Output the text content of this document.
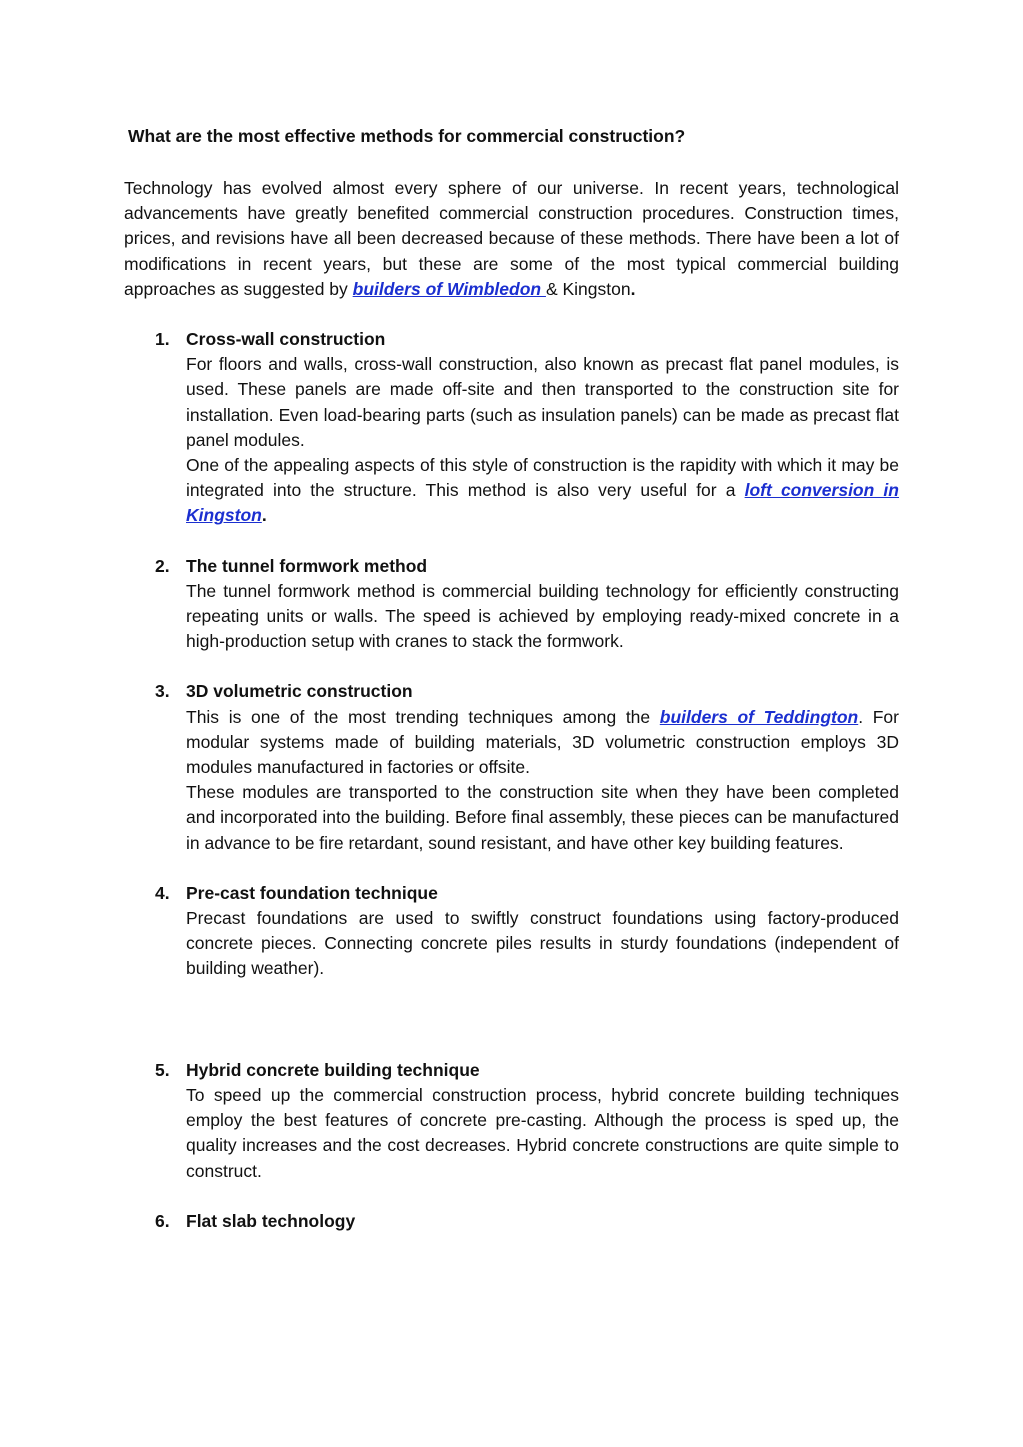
What are the most effective methods for commercial construction?

Technology has evolved almost every sphere of our universe. In recent years, technological advancements have greatly benefited commercial construction procedures. Construction times, prices, and revisions have all been decreased because of these methods. There have been a lot of modifications in recent years, but these are some of the most typical commercial building approaches as suggested by builders of Wimbledon & Kingston.

1. Cross-wall construction

For floors and walls, cross-wall construction, also known as precast flat panel modules, is used. These panels are made off-site and then transported to the construction site for installation. Even load-bearing parts (such as insulation panels) can be made as precast flat panel modules.

One of the appealing aspects of this style of construction is the rapidity with which it may be integrated into the structure. This method is also very useful for a loft conversion in Kingston.

2. The tunnel formwork method

The tunnel formwork method is commercial building technology for efficiently constructing repeating units or walls. The speed is achieved by employing ready-mixed concrete in a high-production setup with cranes to stack the formwork.

3. 3D volumetric construction

This is one of the most trending techniques among the builders of Teddington. For modular systems made of building materials, 3D volumetric construction employs 3D modules manufactured in factories or offsite.

These modules are transported to the construction site when they have been completed and incorporated into the building. Before final assembly, these pieces can be manufactured in advance to be fire retardant, sound resistant, and have other key building features.

4. Pre-cast foundation technique

Precast foundations are used to swiftly construct foundations using factory-produced concrete pieces. Connecting concrete piles results in sturdy foundations (independent of building weather).

5. Hybrid concrete building technique

To speed up the commercial construction process, hybrid concrete building techniques employ the best features of concrete pre-casting. Although the process is sped up, the quality increases and the cost decreases. Hybrid concrete constructions are quite simple to construct.

6. Flat slab technology
